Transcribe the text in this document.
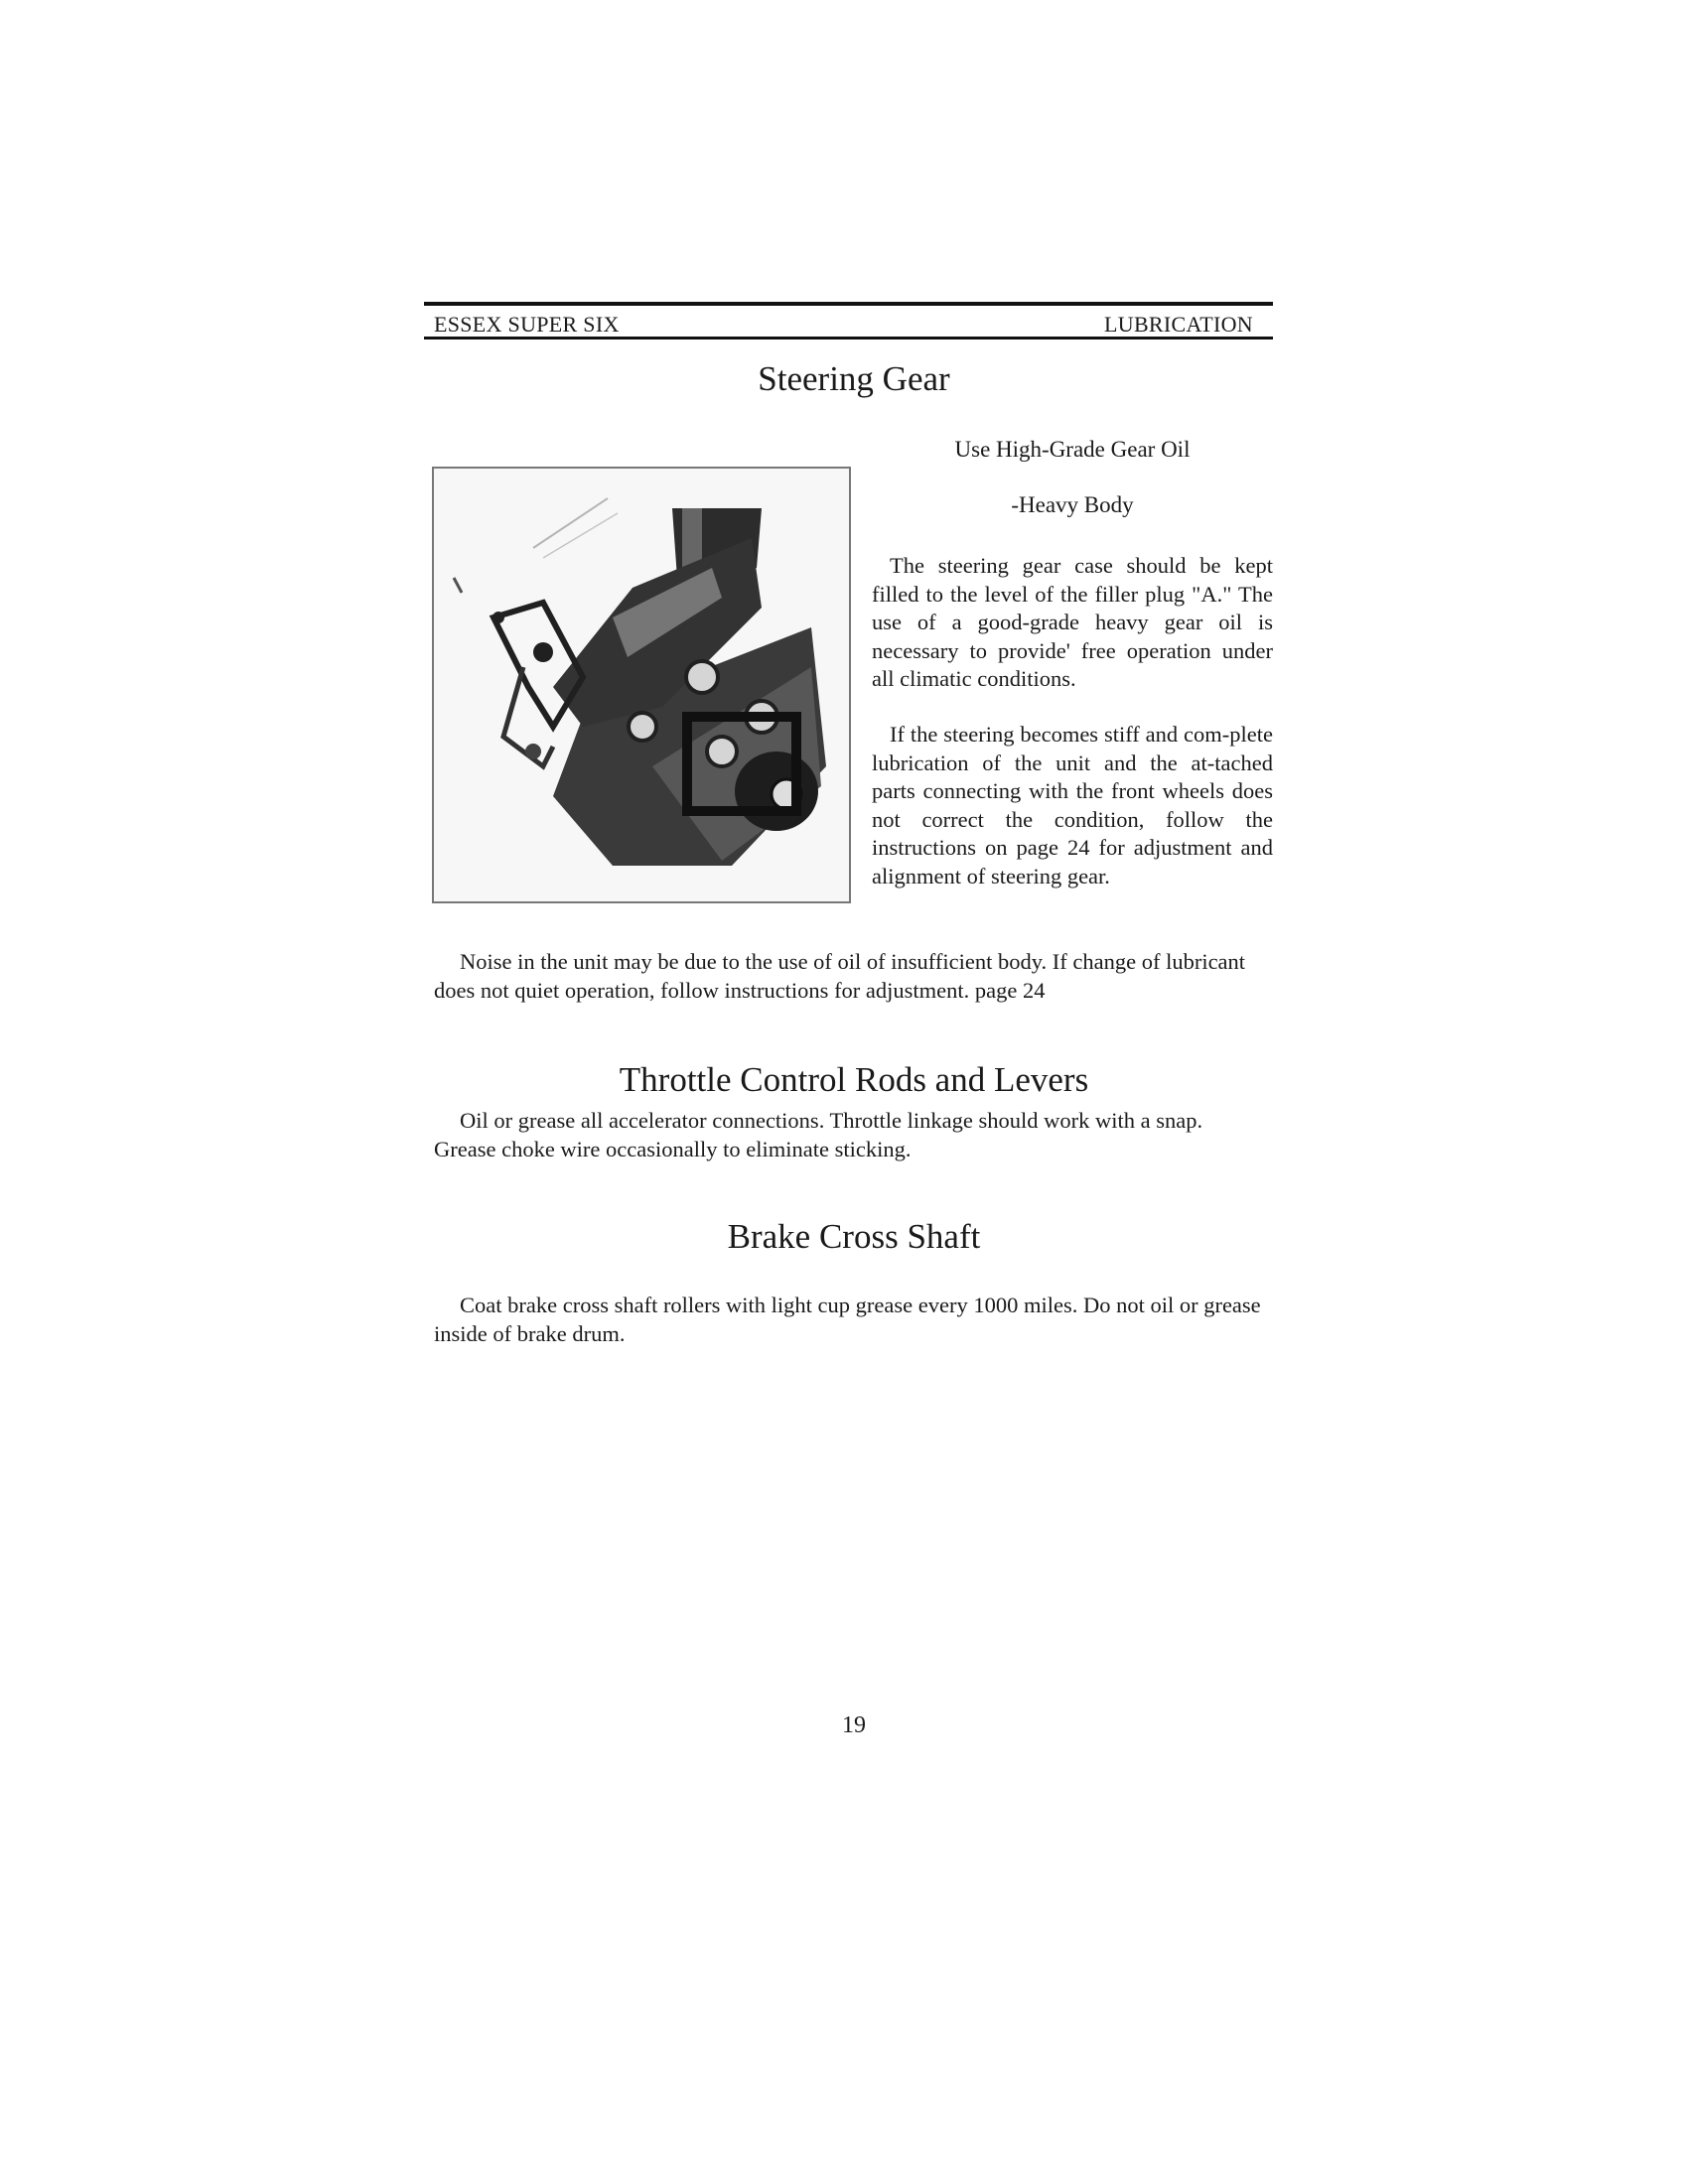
ESSEX SUPER SIX	LUBRICATION
Steering Gear
Use High-Grade Gear Oil
-Heavy Body

The steering gear case should be kept filled to the level of the filler plug "A." The use of a good-grade heavy gear oil is necessary to provide' free operation under all climatic conditions.

If the steering becomes stiff and com-plete lubrication of the unit and the at-tached parts connecting with the front wheels does not correct the condition, follow the instructions on page 24 for adjustment and alignment of steering gear.

Noise in the unit may be due to the use of oil of insufficient body. If change of lubricant does not quiet operation, follow instructions for adjustment. page 24

Throttle Control Rods and Levers

Oil or grease all accelerator connections. Throttle linkage should work with a snap. Grease choke wire occasionally to eliminate sticking.

Brake Cross Shaft

Coat brake cross shaft rollers with light cup grease every 1000 miles. Do not oil or grease inside of brake drum.

19
